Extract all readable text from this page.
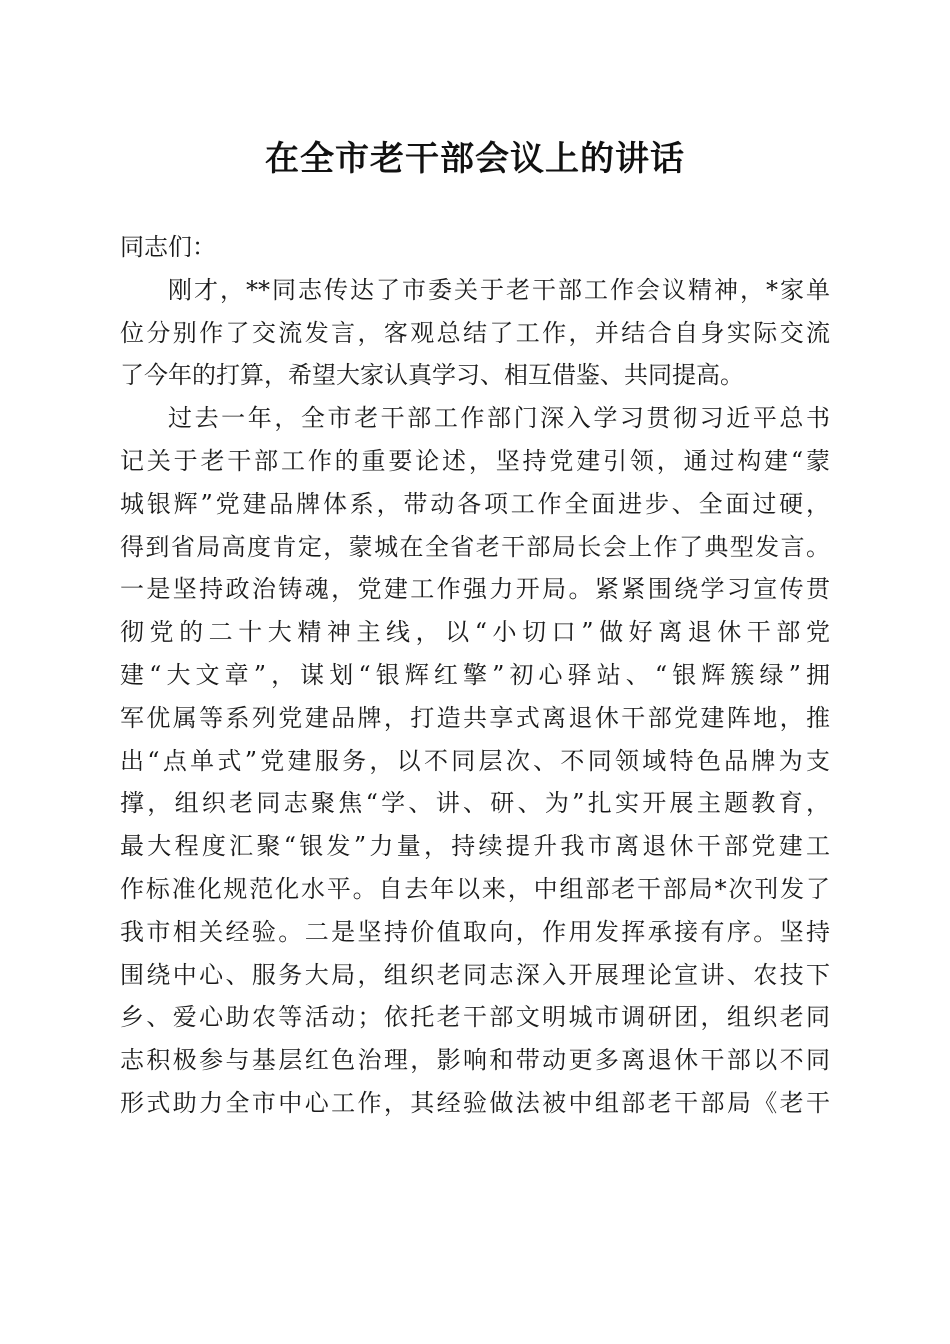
在全市老干部会议上的讲话
同志们：
刚才，**同志传达了市委关于老干部工作会议精神，*家单
位分别作了交流发言，客观总结了工作，并结合自身实际交流
了今年的打算，希望大家认真学习、相互借鉴、共同提高。
过去一年，全市老干部工作部门深入学习贯彻习近平总书
记关于老干部工作的重要论述，坚持党建引领，通过构建“蒙
城银辉”党建品牌体系，带动各项工作全面进步、全面过硬，
得到省局高度肯定，蒙城在全省老干部局长会上作了典型发言。
一是坚持政治铸魂，党建工作强力开局。紧紧围绕学习宣传贯
彻党的二十大精神主线，以“小切口”做好离退休干部党
建“大文章”，谋划“银辉红擎”初心驿站、“银辉簇绿”拥
军优属等系列党建品牌，打造共享式离退休干部党建阵地，推
出“点单式”党建服务，以不同层次、不同领域特色品牌为支
撑，组织老同志聚焦“学、讲、研、为”扎实开展主题教育，
最大程度汇聚“银发”力量，持续提升我市离退休干部党建工
作标准化规范化水平。自去年以来，中组部老干部局*次刊发了
我市相关经验。二是坚持价值取向，作用发挥承接有序。坚持
围绕中心、服务大局，组织老同志深入开展理论宣讲、农技下
乡、爱心助农等活动；依托老干部文明城市调研团，组织老同
志积极参与基层红色治理，影响和带动更多离退休干部以不同
形式助力全市中心工作，其经验做法被中组部老干部局《老干
